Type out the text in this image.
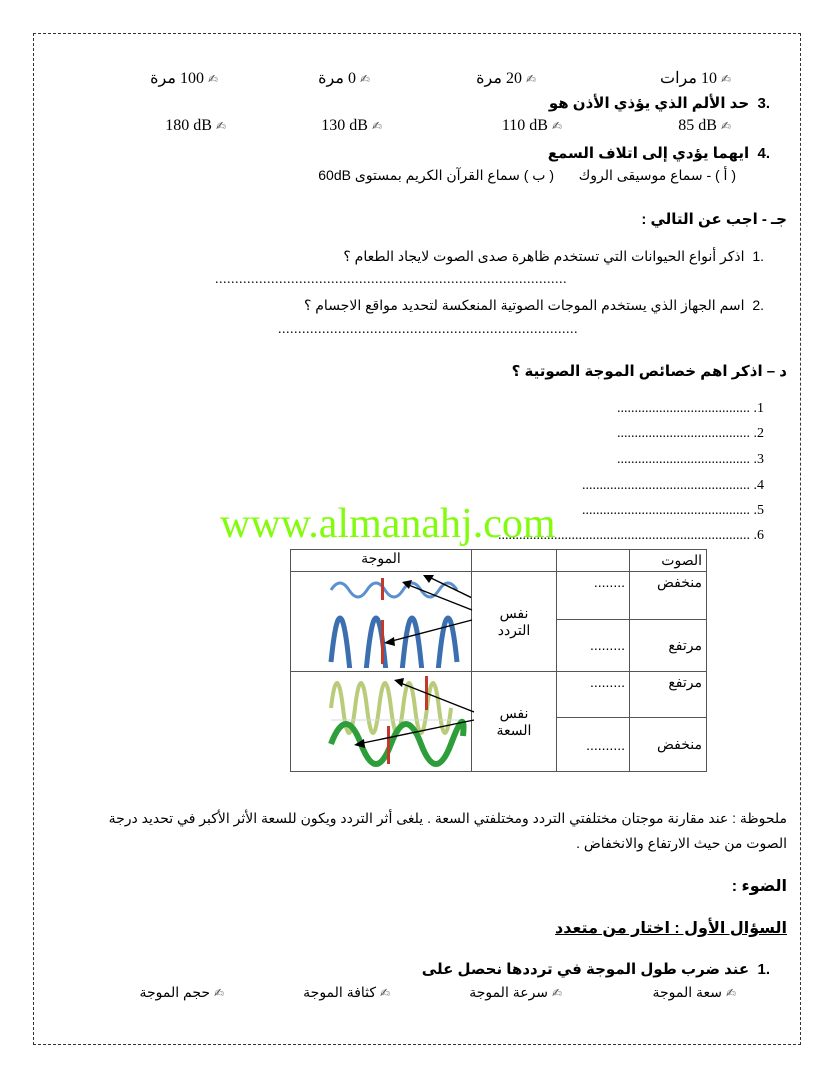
✍ 10 مرات
✍ 20 مرة
✍ 0 مرة
✍ 100 مرة
.3  حد الألم الذي يؤذي الأذن هو
✍ 85 dB
✍ 110 dB
✍ 130 dB
✍ 180 dB
.4  ايهما يؤدي إلى اتلاف السمع
( أ ) - سماع موسيقى الروك
( ب ) سماع القرآن الكريم بمستوى 60dB
جـ - اجب عن التالي :
.1  اذكر أنواع الحيوانات التي تستخدم ظاهرة صدى الصوت لايجاد الطعام ؟
........................................................................................
.2  اسم الجهاز الذي يستخدم الموجات الصوتية المنعكسة لتحديد مواقع الاجسام ؟
...........................................................................
د – اذكر اهم خصائص الموجة الصوتية ؟
...................................... .1
...................................... .2
...................................... .3
................................................ .4
................................................ .5
........................................................................ .6
www.almanahj.com
الموجة			الصوت

نفس
التردد	........	منخفض
		.........	مرتفع

نفس
السعة	.........	مرتفع
		..........	منخفض
ملحوظة : عند مقارنة موجتان مختلفتي التردد ومختلفتي السعة . يلغى أثر التردد ويكون للسعة الأثر الأكبر في تحديد درجة
الصوت من حيث الارتفاع والانخفاض .
الضوء :
السؤال الأول : اختار من متعدد
.1  عند ضرب طول الموجة في ترددها نحصل على
✍ سعة الموجة
✍ سرعة الموجة
✍ كثافة الموجة
✍ حجم الموجة
